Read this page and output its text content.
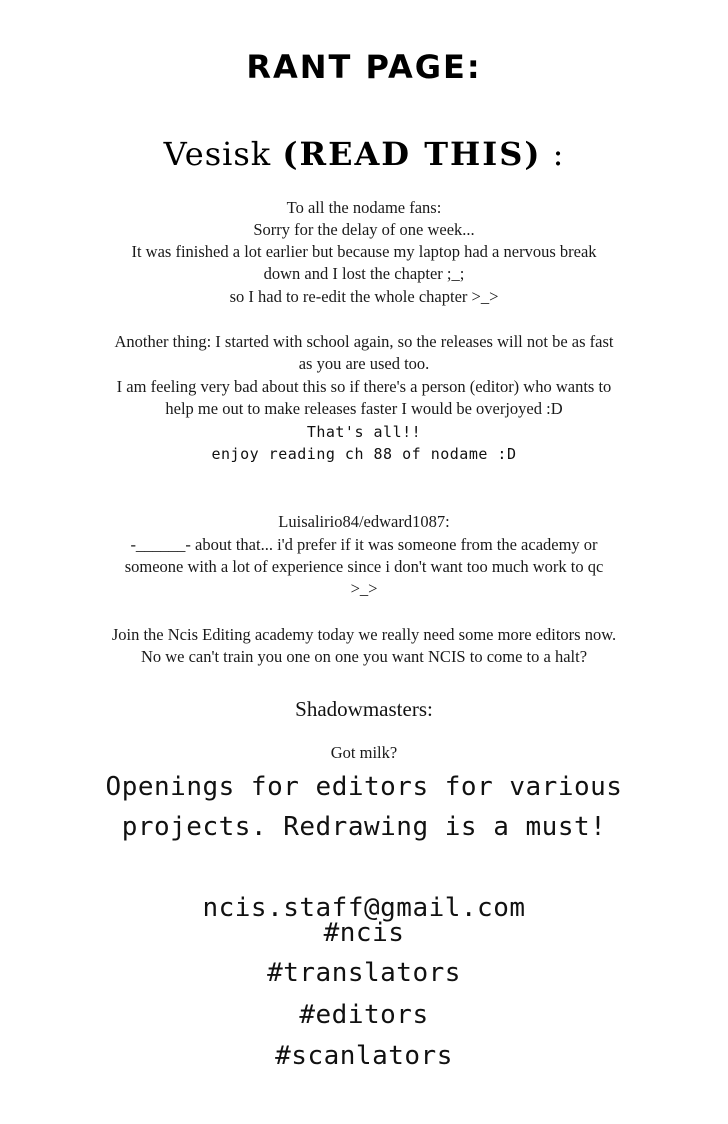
RANT PAGE:
Vesisk (READ THIS) :
To all the nodame fans:
Sorry for the delay of one week...
It was finished a lot earlier but because my laptop had a nervous break
down and I lost the chapter ;_;
so I had to re-edit the whole chapter >_>
Another thing: I started with school again, so the releases will not be as fast
as you are used too.
I am feeling very bad about this so if there's a person (editor) who wants to
help me out to make releases faster I would be overjoyed :D
That's all!!
enjoy reading ch 88 of nodame :D
Luisalirio84/edward1087:
-______- about that... i'd prefer if it was someone from the academy or
someone with a lot of experience since i don't want too much work to qc
>_>
Join the Ncis Editing academy today we really need some more editors now.
No we can't train you one on one you want NCIS to come to a halt?
Shadowmasters:
Got milk?
Openings for editors for various
projects. Redrawing is a must!
ncis.staff@gmail.com
#ncis
#translators
#editors
#scanlators
